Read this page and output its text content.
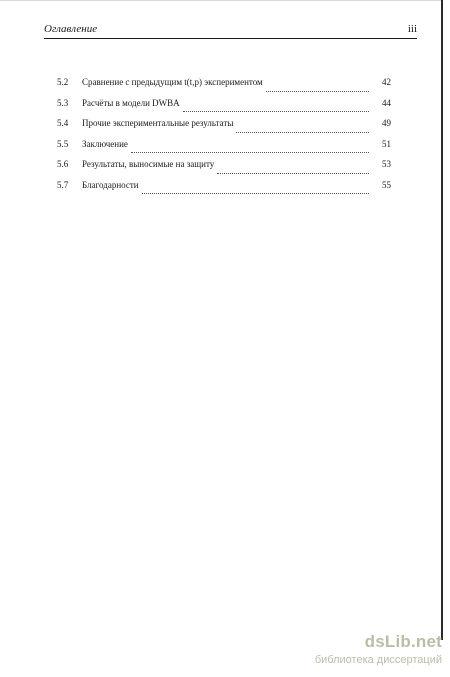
Оглавление	iii
5.2	Сравнение с предыдущим t(t,p) экспериментом	42
5.3	Расчёты в модели DWBA	44
5.4	Прочие экспериментальные результаты	49
5.5	Заключение	51
5.6	Результаты, выносимые на защиту	53
5.7	Благодарности	55
dsLib.net
библиотека диссертаций
